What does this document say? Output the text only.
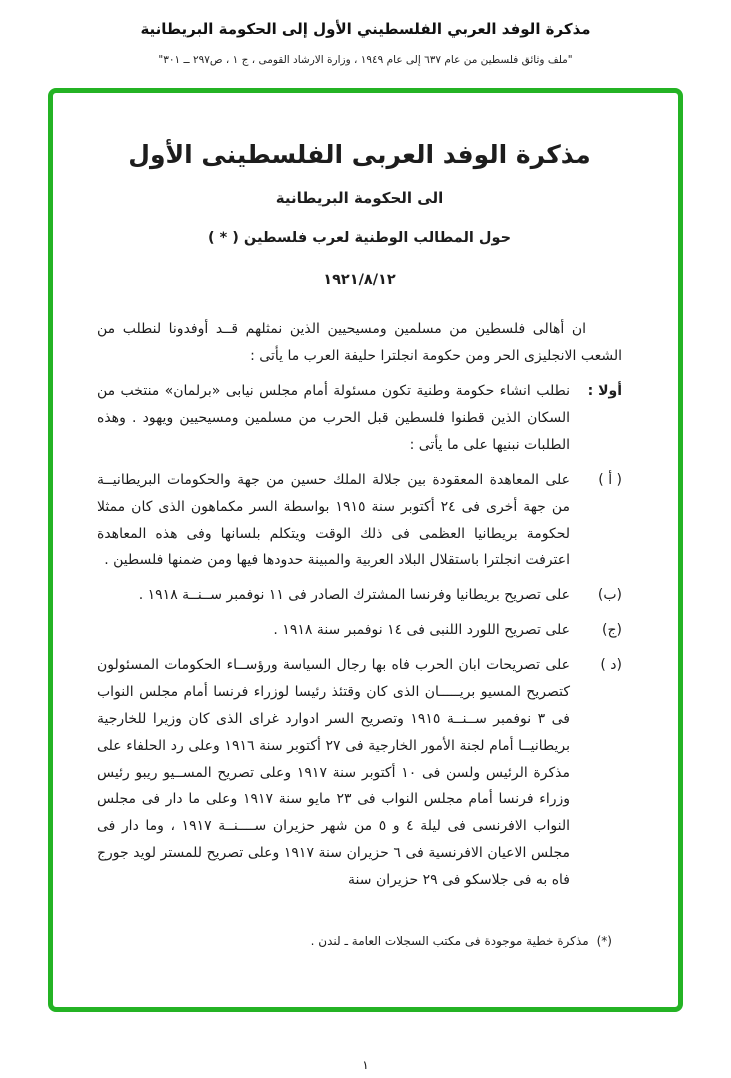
مذكرة الوفد العربي الفلسطيني الأول إلى الحكومة البريطانية
"ملف وثائق فلسطين من عام ٦٣٧ إلى عام ١٩٤٩ ، وزارة الارشاد القومى ، ج ١ ، ص٢٩٧ ــ ٣٠١"
مذكرة الوفد العربى الفلسطينى الأول
الى الحكومة البريطانية
حول المطالب الوطنية لعرب فلسطين ( * )
١٩٢١/٨/١٢

ان أهالى فلسطين من مسلمين ومسيحيين الذين نمثلهم قــد أوفدونا لنطلب من الشعب الانجليزى الحر ومن حكومة انجلترا حليفة العرب ما يأتى :

أولا :

نطلب انشاء حكومة وطنية تكون مسئولة أمام مجلس نيابى «برلمان» منتخب من السكان الذين قطنوا فلسطين قبل الحرب من مسلمين ومسيحيين ويهود . وهذه الطلبات نبنيها على ما يأتى :

( أ )

على المعاهدة المعقودة بين جلالة الملك حسين من جهة والحكومات البريطانيــة من جهة أخرى فى ٢٤ أكتوبر سنة ١٩١٥ بواسطة السر مكماهون الذى كان ممثلا لحكومة بريطانيا العظمى فى ذلك الوقت ويتكلم بلسانها وفى هذه المعاهدة اعترفت انجلترا باستقلال البلاد العربية والمبينة حدودها فيها ومن ضمنها فلسطين .

(ب)

على تصريح بريطانيا وفرنسا المشترك الصادر فى ١١ نوفمبر ســنــة ١٩١٨ .

(ج)

على تصريح اللورد اللنبى فى ١٤ نوفمبر سنة ١٩١٨ .

(د )

على تصريحات ابان الحرب فاه بها رجال السياسة ورؤســاء الحكومات المسئولون كتصريح المسيو بريـــــان الذى كان وقتئذ رئيسا لوزراء فرنسا أمام مجلس النواب فى ٣ نوفمبر ســنــة ١٩١٥ وتصريح السر ادوارد غراى الذى كان وزيرا للخارجية بريطانيــا أمام لجنة الأمور الخارجية فى ٢٧ أكتوبر سنة ١٩١٦ وعلى رد الحلفاء على مذكرة الرئيس ولسن فى ١٠ أكتوبر سنة ١٩١٧ وعلى تصريح المســيو ريبو رئيس وزراء فرنسا أمام مجلس النواب فى ٢٣ مايو سنة ١٩١٧ وعلى ما دار فى مجلس النواب الافرنسى فى ليلة ٤ و ٥ من شهر حزيران ســــنــة ١٩١٧ ، وما دار فى مجلس الاعيان الافرنسية فى ٦ حزيران سنة ١٩١٧ وعلى تصريح للمستر لويد جورج فاه به فى جلاسكو فى ٢٩ حزيران سنة

(*)
مذكرة خطية موجودة فى مكتب السجلات العامة ـ لندن .
١
